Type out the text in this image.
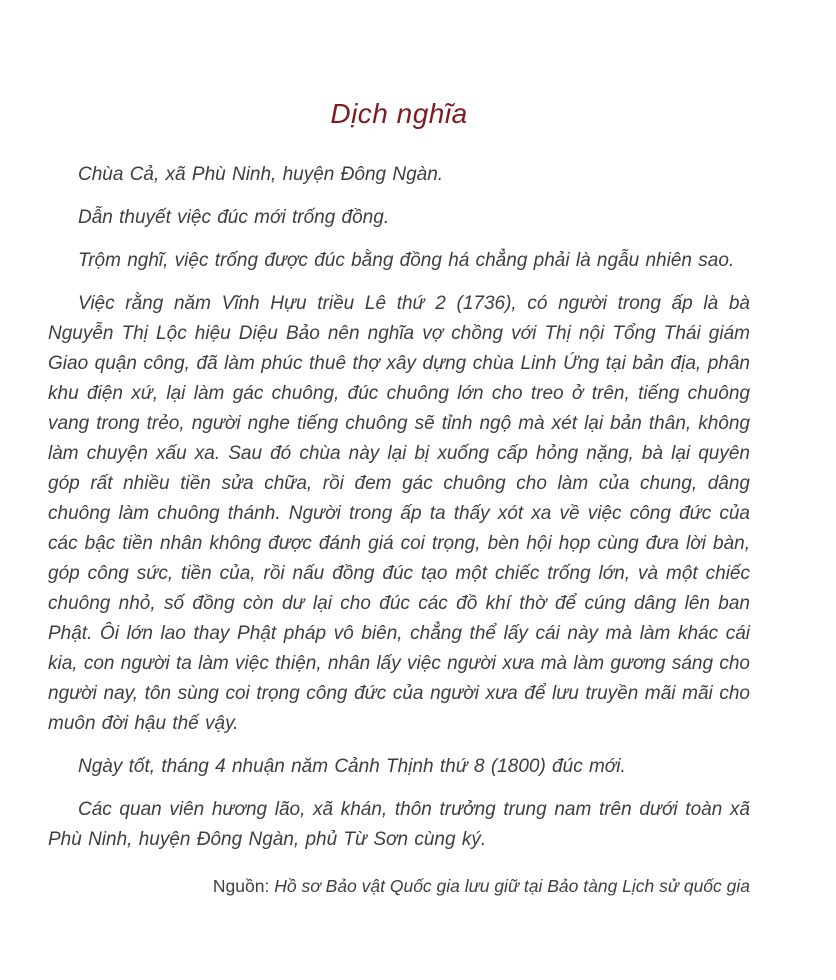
Dịch nghĩa

Chùa Cả, xã Phù Ninh, huyện Đông Ngàn.

Dẫn thuyết việc đúc mới trống đồng.

Trộm nghĩ, việc trống được đúc bằng đồng há chẳng phải là ngẫu nhiên sao.

Việc rằng năm Vĩnh Hựu triều Lê thứ 2 (1736), có người trong ấp là bà Nguyễn Thị Lộc hiệu Diệu Bảo nên nghĩa vợ chồng với Thị nội Tổng Thái giám Giao quận công, đã làm phúc thuê thợ xây dựng chùa Linh Ứng tại bản địa, phân khu điện xứ, lại làm gác chuông, đúc chuông lớn cho treo ở trên, tiếng chuông vang trong trẻo, người nghe tiếng chuông sẽ tỉnh ngộ mà xét lại bản thân, không làm chuyện xấu xa. Sau đó chùa này lại bị xuống cấp hỏng nặng, bà lại quyên góp rất nhiều tiền sửa chữa, rồi đem gác chuông cho làm của chung, dâng chuông làm chuông thánh. Người trong ấp ta thấy xót xa về việc công đức của các bậc tiền nhân không được đánh giá coi trọng, bèn hội họp cùng đưa lời bàn, góp công sức, tiền của, rồi nấu đồng đúc tạo một chiếc trống lớn, và một chiếc chuông nhỏ, số đồng còn dư lại cho đúc các đồ khí thờ để cúng dâng lên ban Phật. Ôi lớn lao thay Phật pháp vô biên, chẳng thể lấy cái này mà làm khác cái kia, con người ta làm việc thiện, nhân lấy việc người xưa mà làm gương sáng cho người nay, tôn sùng coi trọng công đức của người xưa để lưu truyền mãi mãi cho muôn đời hậu thế vậy.

Ngày tốt, tháng 4 nhuận năm Cảnh Thịnh thứ 8 (1800) đúc mới.

Các quan viên hương lão, xã khán, thôn trưởng trung nam trên dưới toàn xã Phù Ninh, huyện Đông Ngàn, phủ Từ Sơn cùng ký.

Nguồn: Hồ sơ Bảo vật Quốc gia lưu giữ tại Bảo tàng Lịch sử quốc gia
